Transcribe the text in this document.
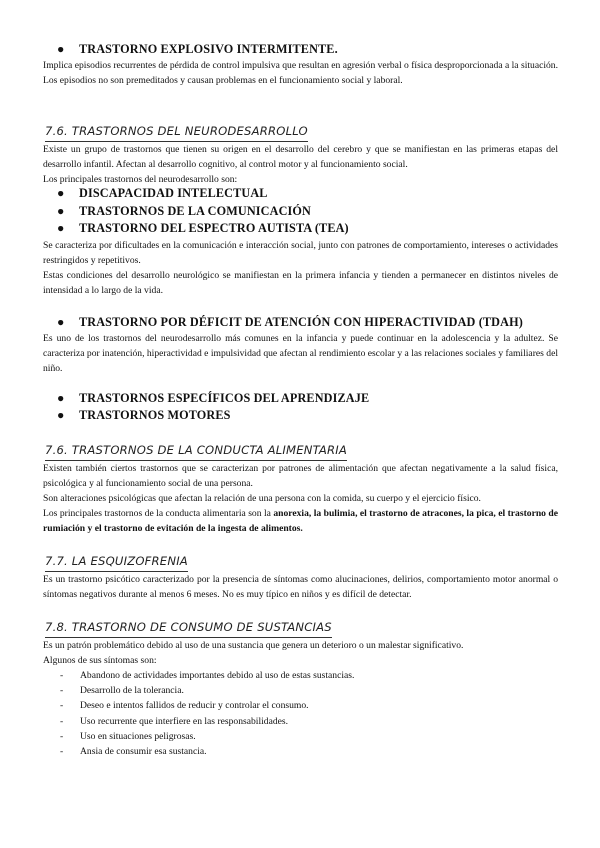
● TRASTORNO EXPLOSIVO INTERMITENTE.
Implica episodios recurrentes de pérdida de control impulsiva que resultan en agresión verbal o física desproporcionada a la situación. Los episodios no son premeditados y causan problemas en el funcionamiento social y laboral.
7.6. TRASTORNOS DEL NEURODESARROLLO
Existe un grupo de trastornos que tienen su origen en el desarrollo del cerebro y que se manifiestan en las primeras etapas del desarrollo infantil. Afectan al desarrollo cognitivo, al control motor y al funcionamiento social.
Los principales trastornos del neurodesarrollo son:
● DISCAPACIDAD INTELECTUAL
● TRASTORNOS DE LA COMUNICACIÓN
● TRASTORNO DEL ESPECTRO AUTISTA (TEA)
Se caracteriza por dificultades en la comunicación e interacción social, junto con patrones de comportamiento, intereses o actividades restringidos y repetitivos.
Estas condiciones del desarrollo neurológico se manifiestan en la primera infancia y tienden a permanecer en distintos niveles de intensidad a lo largo de la vida.
● TRASTORNO POR DÉFICIT DE ATENCIÓN CON HIPERACTIVIDAD (TDAH)
Es uno de los trastornos del neurodesarrollo más comunes en la infancia y puede continuar en la adolescencia y la adultez. Se caracteriza por inatención, hiperactividad e impulsividad que afectan al rendimiento escolar y a las relaciones sociales y familiares del niño.
● TRASTORNOS ESPECÍFICOS DEL APRENDIZAJE
● TRASTORNOS MOTORES
7.6. TRASTORNOS DE LA CONDUCTA ALIMENTARIA
Existen también ciertos trastornos que se caracterizan por patrones de alimentación que afectan negativamente a la salud física, psicológica y al funcionamiento social de una persona.
Son alteraciones psicológicas que afectan la relación de una persona con la comida, su cuerpo y el ejercicio físico.
Los principales trastornos de la conducta alimentaria son la anorexia, la bulimia, el trastorno de atracones, la pica, el trastorno de rumiación y el trastorno de evitación de la ingesta de alimentos.
7.7. LA ESQUIZOFRENIA
Es un trastorno psicótico caracterizado por la presencia de síntomas como alucinaciones, delirios, comportamiento motor anormal o síntomas negativos durante al menos 6 meses. No es muy típico en niños y es difícil de detectar.
7.8. TRASTORNO DE CONSUMO DE SUSTANCIAS
Es un patrón problemático debido al uso de una sustancia que genera un deterioro o un malestar significativo.
Algunos de sus síntomas son:
- Abandono de actividades importantes debido al uso de estas sustancias.
- Desarrollo de la tolerancia.
- Deseo e intentos fallidos de reducir y controlar el consumo.
- Uso recurrente que interfiere en las responsabilidades.
- Uso en situaciones peligrosas.
- Ansia de consumir esa sustancia.
